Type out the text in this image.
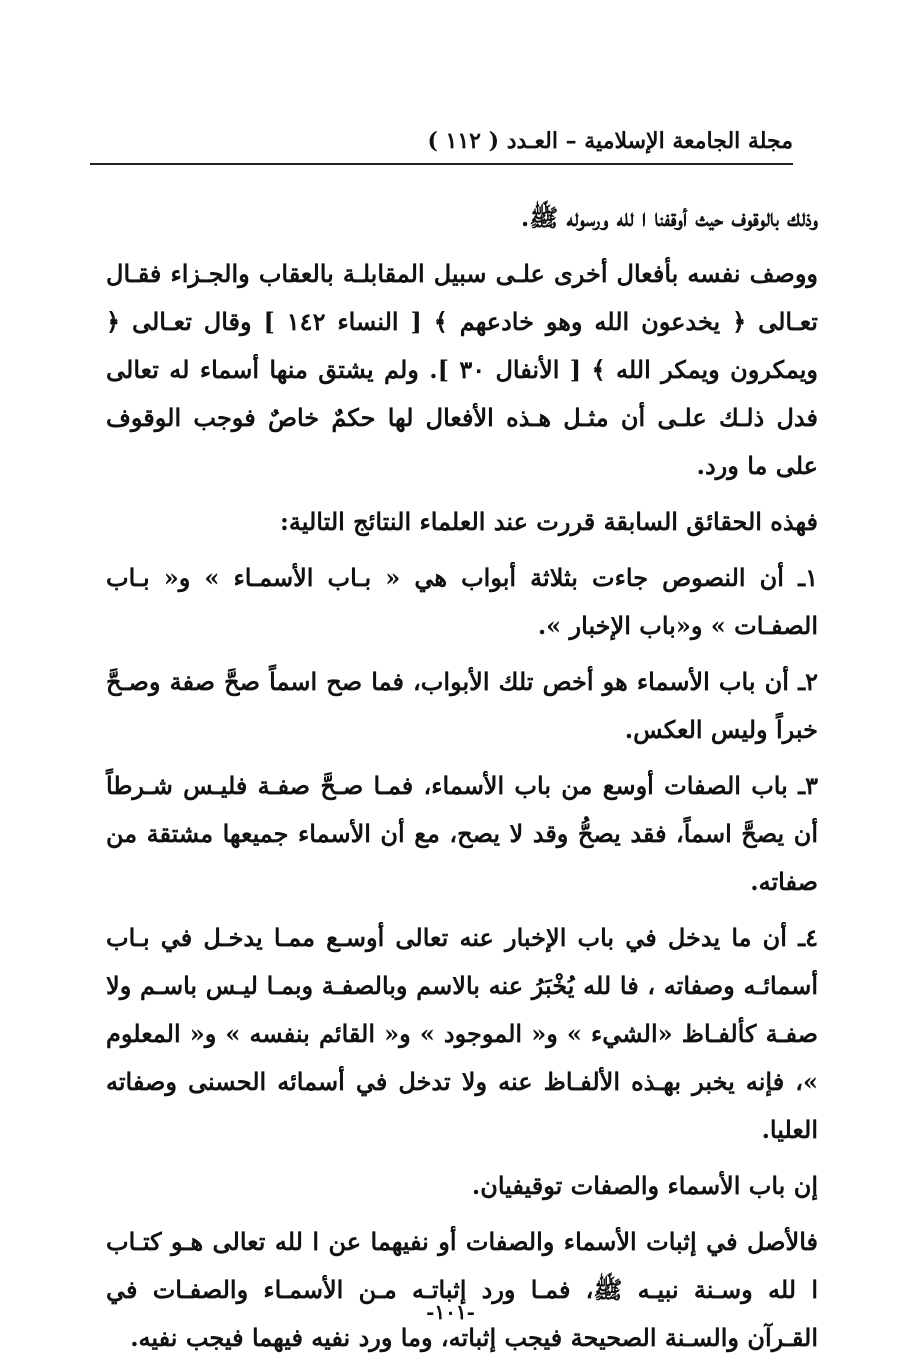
مجلة الجامعة الإسلامية – العـدد ( ١١٢ )

وذلك بالوقوف حيث أوقفنا ا لله ورسوله ﷺ.

ووصف نفسه بأفعال أخرى علـى سبيل المقابلـة بالعقاب والجـزاء فقـال تعـالى ﴿ يخدعون الله وهو خادعهم ﴾ [ النساء ١٤٢ ] وقال تعـالى ﴿ ويمكرون ويمكر الله ﴾ [ الأنفال ٣٠ ]. ولم يشتق منها أسماء له تعالى فدل ذلـك علـى أن مثـل هـذه الأفعال لها حكمٌ خاصٌ فوجب الوقوف على ما ورد.

فهذه الحقائق السابقة قررت عند العلماء النتائج التالية:

١ـ أن النصوص جاءت بثلاثة أبواب هي « بـاب الأسمـاء » و« بـاب الصفـات » و«باب الإخبار ».

٢ـ أن باب الأسماء هو أخص تلك الأبواب، فما صح اسماً صحَّ صفة وصـحَّ خبراً وليس العكس.

٣ـ باب الصفات أوسع من باب الأسماء، فمـا صـحَّ صفـة فليـس شـرطاً أن يصحَّ اسماً، فقد يصحُّ وقد لا يصح، مع أن الأسماء جميعها مشتقة من صفاته.

٤ـ أن ما يدخل في باب الإخبار عنه تعالى أوسـع ممـا يدخـل في بـاب أسمائـه وصفاته ، فا لله يُخْبَرُ عنه بالاسم وبالصفـة وبمـا ليـس باسـم ولا صفـة كألفـاظ «الشيء » و« الموجود » و« القائم بنفسه » و« المعلوم »، فإنه يخبر بهـذه الألفـاظ عنه ولا تدخل في أسمائه الحسنى وصفاته العليا.

إن باب الأسماء والصفات توقيفيان.

فالأصل في إثبات الأسماء والصفات أو نفيهما عن ا لله تعالى هـو كتـاب ا لله وسـنة نبيـه ﷺ، فمـا ورد إثباتـه مـن الأسمـاء والصفـات في القـرآن والسـنة الصحيحة فيجب إثباته، وما ورد نفيه فيهما فيجب نفيه.

-١٠١-
